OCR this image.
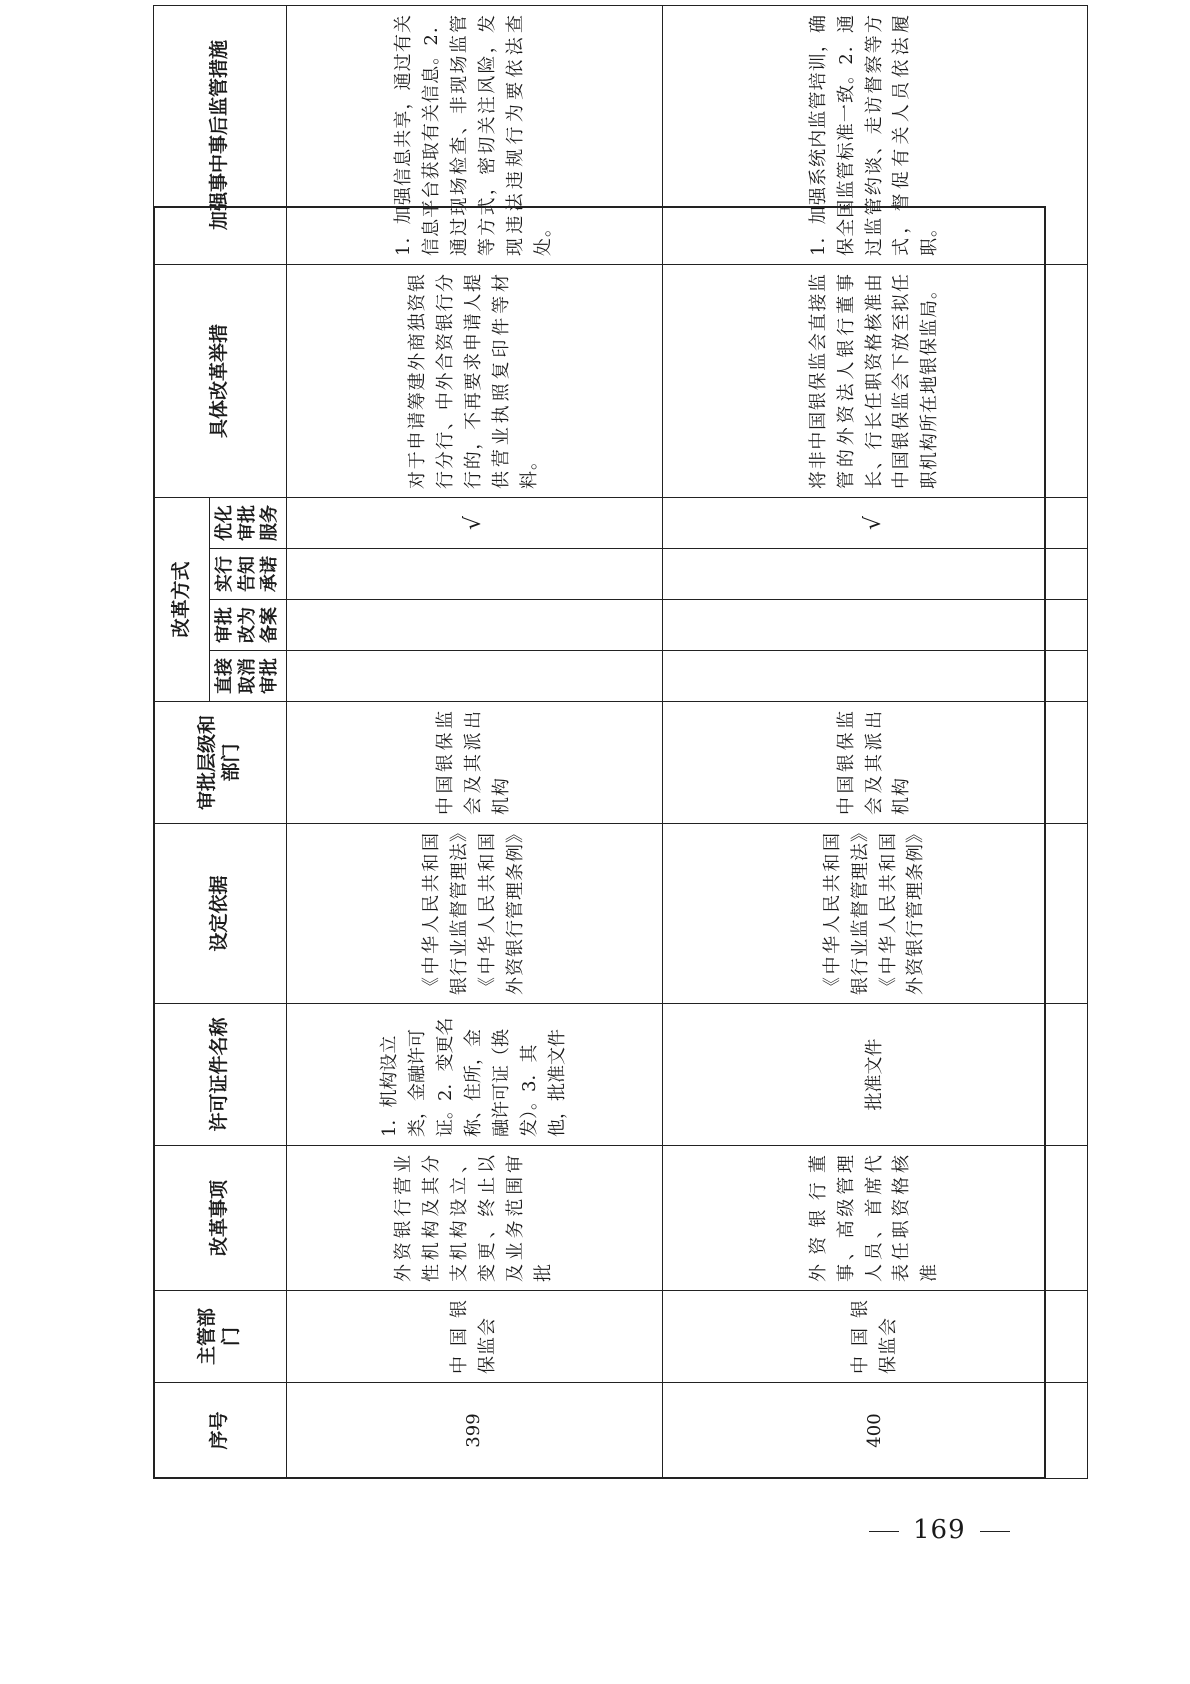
序号	主管部门	改革事项	许可证件名称	设定依据	审批层级和部门	改革方式				具体改革举措	加强事中事后监管措施
						直接取消审批	审批改为备案	实行告知承诺	优化审批服务		
399	中国银保监会	外资银行营业性机构及其分支机构设立、变更、终止以及业务范围审批	1．机构设立类，金融许可证。2．变更名称、住所，金融许可证（换发）。3．其他，批准文件	《中华人民共和国银行业监督管理法》《中华人民共和国外资银行管理条例》	中国银保监会及其派出机构				√	对于申请筹建外商独资银行分行、中外合资银行分行的，不再要求申请人提供营业执照复印件等材料。	1．加强信息共享，通过有关信息平台获取有关信息。2．通过现场检查、非现场监管等方式，密切关注风险，发现违法违规行为要依法查处。
400	中国银保监会	外资银行董事、高级管理人员、首席代表任职资格核准	批准文件	《中华人民共和国银行业监督管理法》《中华人民共和国外资银行管理条例》	中国银保监会及其派出机构				√	将非中国银保监会直接监管的外资法人银行董事长、行长任职资格核准由中国银保监会下放至拟任职机构所在地银保监局。	1．加强系统内监管培训，确保全国监管标准一致。2．通过监管约谈、走访督察等方式，督促有关人员依法履职。
169
